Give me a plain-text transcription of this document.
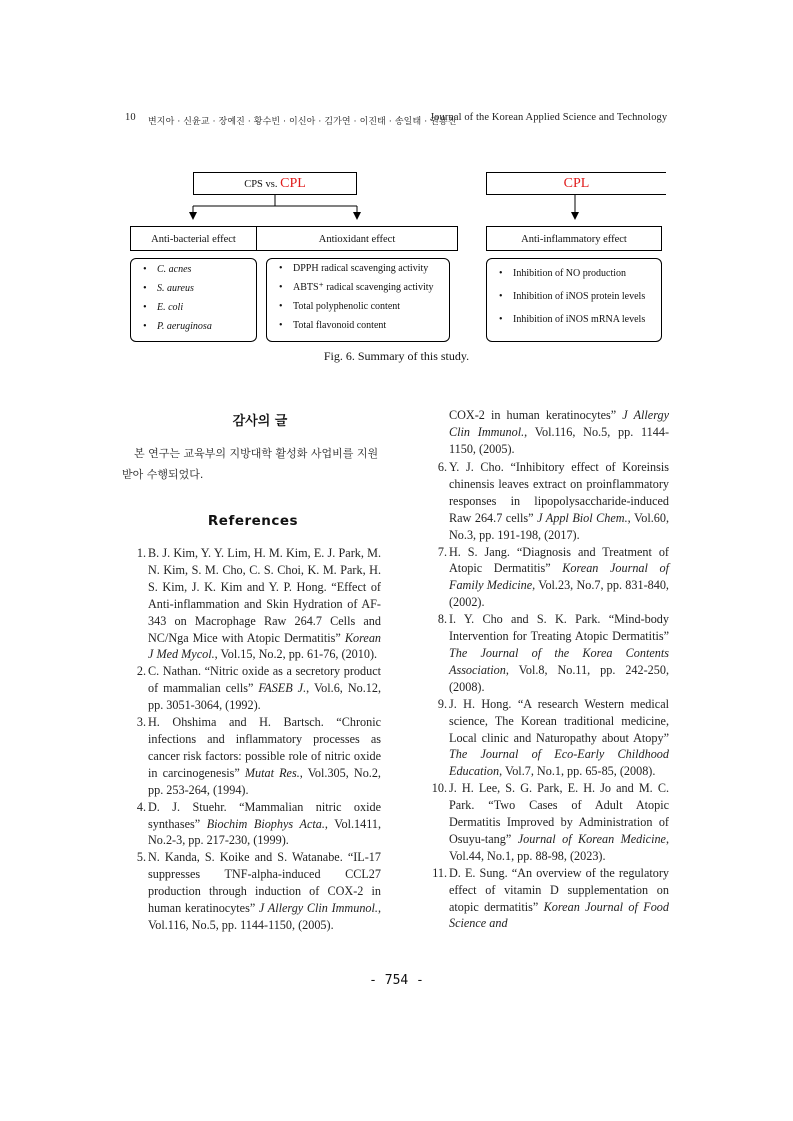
10 변지아 · 신윤교 · 장예진 · 황수빈 · 이신아 · 김가연 · 이진태 · 송일태 · 권용진
Journal of the Korean Applied Science and Technology
CPS vs. CPL	CPL
Anti-bacterial effect	Antioxidant effect	Anti-inflammatory effect
• C. acnes
• S. aureus
• E. coli
• P. aeruginosa
• DPPH radical scavenging activity
• ABTS⁺ radical scavenging activity
• Total polyphenolic content
• Total flavonoid content
• Inhibition of NO production
• Inhibition of iNOS protein levels
• Inhibition of iNOS mRNA levels
Fig. 6. Summary of this study.
감사의 글
본 연구는 교육부의 지방대학 활성화 사업비를 지원받아 수행되었다.
References
1. B. J. Kim, Y. Y. Lim, H. M. Kim, E. J. Park, M. N. Kim, S. M. Cho, C. S. Choi, K. M. Park, H. S. Kim, J. K. Kim and Y. P. Hong. “Effect of Anti-inflammation and Skin Hydration of AF-343 on Macrophage Raw 264.7 Cells and NC/Nga Mice with Atopic Dermatitis” Korean J Med Mycol., Vol.15, No.2, pp. 61-76, (2010).
2. C. Nathan. “Nitric oxide as a secretory product of mammalian cells” FASEB J., Vol.6, No.12, pp. 3051-3064, (1992).
3. H. Ohshima and H. Bartsch. “Chronic infections and inflammatory processes as cancer risk factors: possible role of nitric oxide in carcinogenesis” Mutat Res., Vol.305, No.2, pp. 253-264, (1994).
4. D. J. Stuehr. “Mammalian nitric oxide synthases” Biochim Biophys Acta., Vol.1411, No.2-3, pp. 217-230, (1999).
5. N. Kanda, S. Koike and S. Watanabe. “IL-17 suppresses TNF-alpha-induced CCL27 production through induction of COX-2 in human keratinocytes” J Allergy Clin Immunol., Vol.116, No.5, pp. 1144-1150, (2005).
COX-2 in human keratinocytes” J Allergy Clin Immunol., Vol.116, No.5, pp. 1144-1150, (2005).
6. Y. J. Cho. “Inhibitory effect of Koreinsis chinensis leaves extract on proinflammatory responses in lipopolysaccharide-induced Raw 264.7 cells” J Appl Biol Chem., Vol.60, No.3, pp. 191-198, (2017).
7. H. S. Jang. “Diagnosis and Treatment of Atopic Dermatitis” Korean Journal of Family Medicine, Vol.23, No.7, pp. 831-840, (2002).
8. I. Y. Cho and S. K. Park. “Mind-body Intervention for Treating Atopic Dermatitis” The Journal of the Korea Contents Association, Vol.8, No.11, pp. 242-250, (2008).
9. J. H. Hong. “A research Western medical science, The Korean traditional medicine, Local clinic and Naturopathy about Atopy” The Journal of Eco-Early Childhood Education, Vol.7, No.1, pp. 65-85, (2008).
10. J. H. Lee, S. G. Park, E. H. Jo and M. C. Park. “Two Cases of Adult Atopic Dermatitis Improved by Administration of Osuyu-tang” Journal of Korean Medicine, Vol.44, No.1, pp. 88-98, (2023).
11. D. E. Sung. “An overview of the regulatory effect of vitamin D supplementation on atopic dermatitis” Korean Journal of Food Science and
- 754 -
